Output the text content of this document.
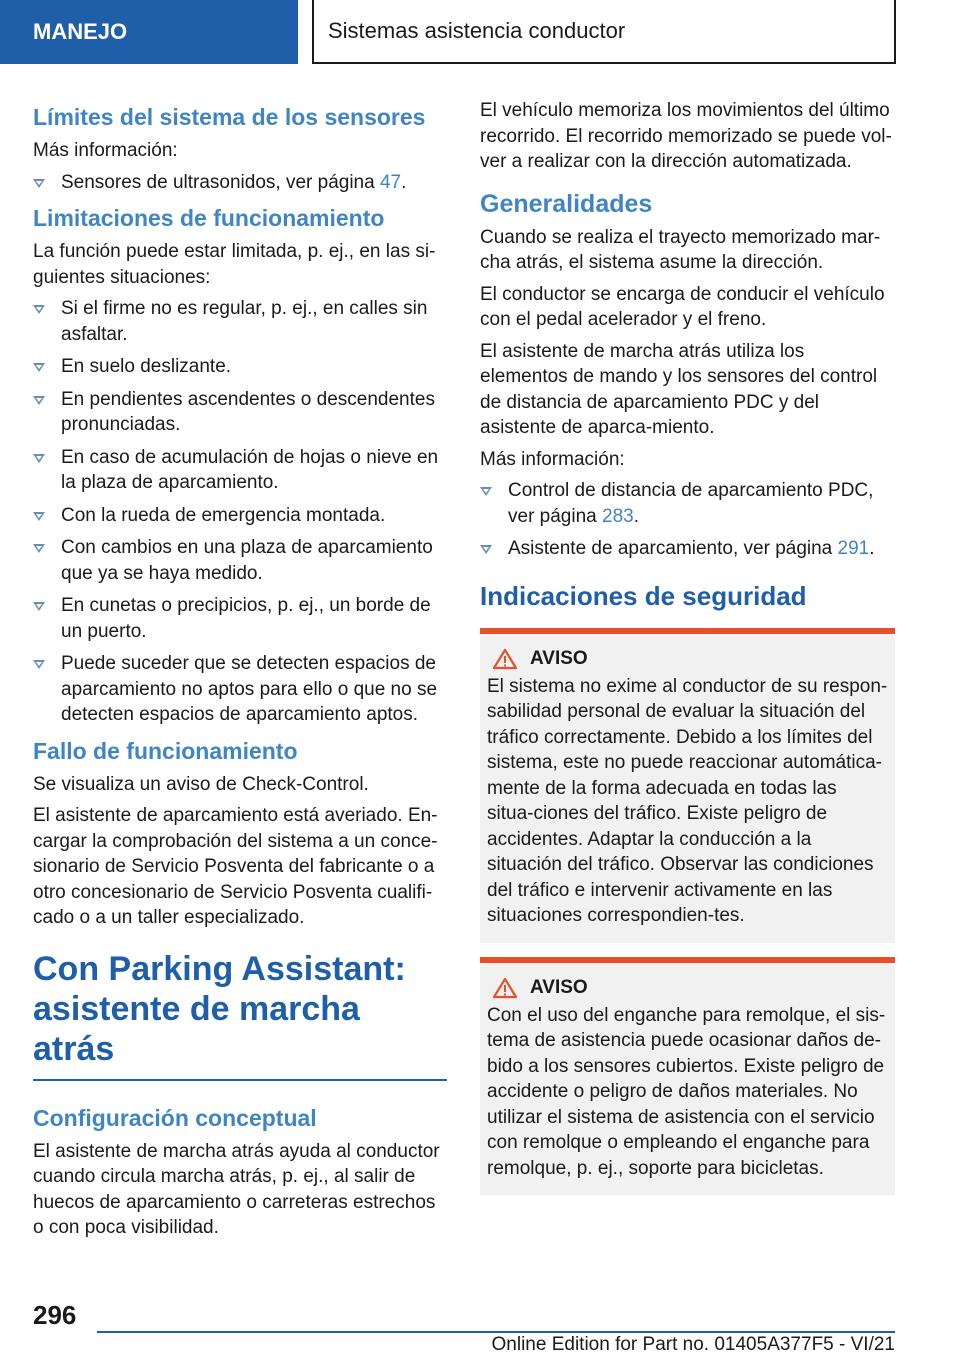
MANEJO	Sistemas asistencia conductor
Límites del sistema de los sensores

Más información:

Sensores de ultrasonidos, ver página 47.
Limitaciones de funcionamiento

La función puede estar limitada, p. ej., en las si-guientes situaciones:

Si el firme no es regular, p. ej., en calles sin asfaltar.
En suelo deslizante.
En pendientes ascendentes o descendentes pronunciadas.
En caso de acumulación de hojas o nieve en la plaza de aparcamiento.
Con la rueda de emergencia montada.
Con cambios en una plaza de aparcamiento que ya se haya medido.
En cunetas o precipicios, p. ej., un borde de un puerto.
Puede suceder que se detecten espacios de aparcamiento no aptos para ello o que no se detecten espacios de aparcamiento aptos.
Fallo de funcionamiento

Se visualiza un aviso de Check-Control.

El asistente de aparcamiento está averiado. En-cargar la comprobación del sistema a un conce-sionario de Servicio Posventa del fabricante o a otro concesionario de Servicio Posventa cualifi-cado o a un taller especializado.

Con Parking Assistant: asistente de marcha atrás
Configuración conceptual

El asistente de marcha atrás ayuda al conductor cuando circula marcha atrás, p. ej., al salir de huecos de aparcamiento o carreteras estrechos o con poca visibilidad.

El vehículo memoriza los movimientos del último recorrido. El recorrido memorizado se puede vol-ver a realizar con la dirección automatizada.

Generalidades

Cuando se realiza el trayecto memorizado mar-cha atrás, el sistema asume la dirección.

El conductor se encarga de conducir el vehículo con el pedal acelerador y el freno.

El asistente de marcha atrás utiliza los elementos de mando y los sensores del control de distancia de aparcamiento PDC y del asistente de aparca-miento.

Más información:

Control de distancia de aparcamiento PDC, ver página 283.
Asistente de aparcamiento, ver página 291.
Indicaciones de seguridad
AVISO

El sistema no exime al conductor de su respon-sabilidad personal de evaluar la situación del tráfico correctamente. Debido a los límites del sistema, este no puede reaccionar automática-mente de la forma adecuada en todas las situa-ciones del tráfico. Existe peligro de accidentes. Adaptar la conducción a la situación del tráfico. Observar las condiciones del tráfico e intervenir activamente en las situaciones correspondien-tes.

AVISO

Con el uso del enganche para remolque, el sis-tema de asistencia puede ocasionar daños de-bido a los sensores cubiertos. Existe peligro de accidente o peligro de daños materiales. No utilizar el sistema de asistencia con el servicio con remolque o empleando el enganche para remolque, p. ej., soporte para bicicletas.

296
Online Edition for Part no. 01405A377F5 - VI/21
